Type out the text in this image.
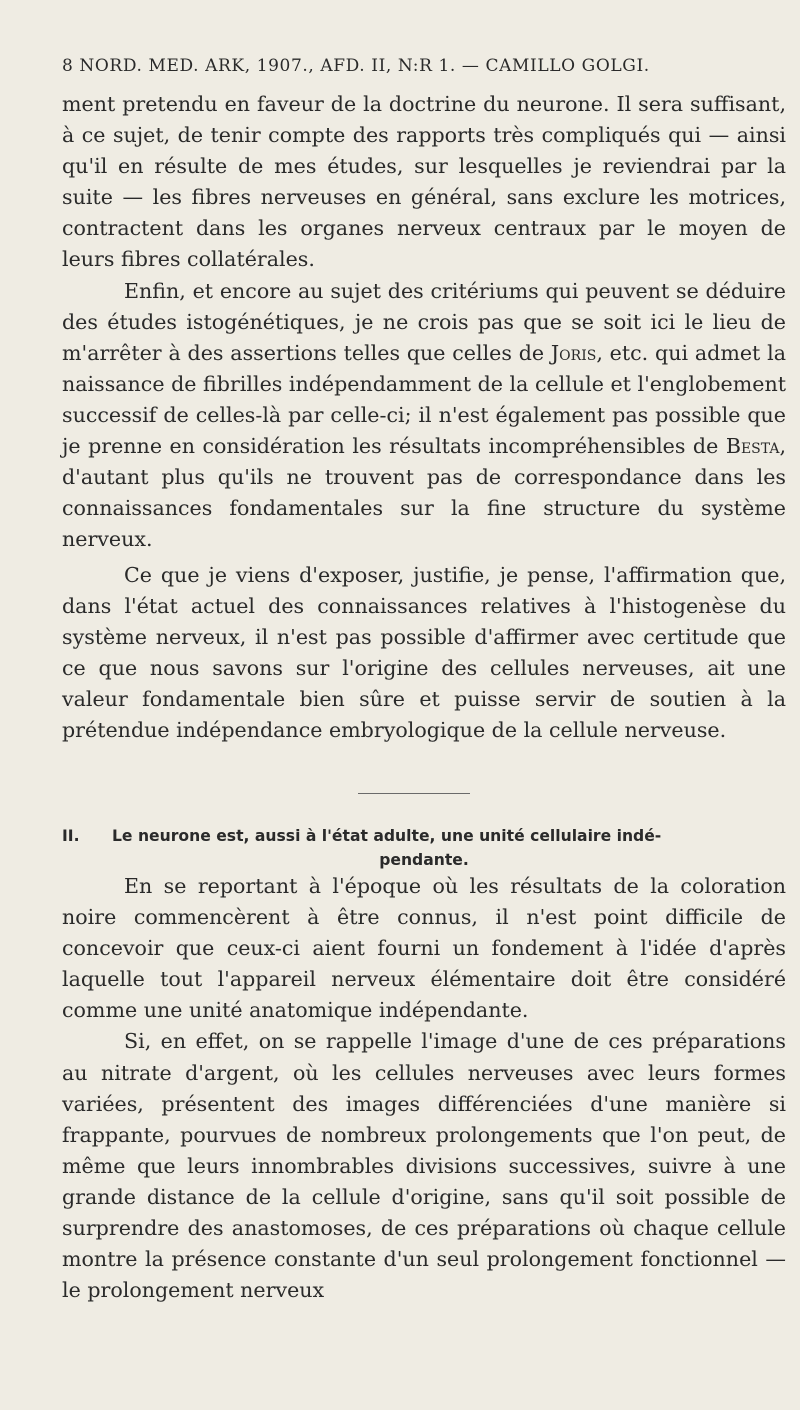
8 NORD. MED. ARK, 1907., AFD. II, N:R 1. — CAMILLO GOLGI.

ment pretendu en faveur de la doctrine du neurone. Il sera suffisant, à ce sujet, de tenir compte des rapports très compliqués qui — ainsi qu'il en résulte de mes études, sur lesquelles je reviendrai par la suite — les fibres nerveuses en général, sans exclure les motrices, contractent dans les organes nerveux centraux par le moyen de leurs fibres collatérales.

Enfin, et encore au sujet des critériums qui peuvent se déduire des études istogénétiques, je ne crois pas que se soit ici le lieu de m'arrêter à des assertions telles que celles de Joris, etc. qui admet la naissance de fibrilles indépendamment de la cellule et l'englobement successif de celles-là par celle-ci; il n'est également pas possible que je prenne en considération les résultats incompréhensibles de Besta, d'autant plus qu'ils ne trouvent pas de correspondance dans les connaissances fondamentales sur la fine structure du système nerveux.

Ce que je viens d'exposer, justifie, je pense, l'affirmation que, dans l'état actuel des connaissances relatives à l'histogenèse du système nerveux, il n'est pas possible d'affirmer avec certitude que ce que nous savons sur l'origine des cellules nerveuses, ait une valeur fondamentale bien sûre et puisse servir de soutien à la prétendue indépendance embryologique de la cellule nerveuse.

II. Le neurone est, aussi à l'état adulte, une unité cellulaire indé-
pendante.

En se reportant à l'époque où les résultats de la coloration noire commencèrent à être connus, il n'est point difficile de concevoir que ceux-ci aient fourni un fondement à l'idée d'après laquelle tout l'appareil nerveux élémentaire doit être considéré comme une unité anatomique indépendante.

Si, en effet, on se rappelle l'image d'une de ces préparations au nitrate d'argent, où les cellules nerveuses avec leurs formes variées, présentent des images différenciées d'une manière si frappante, pourvues de nombreux prolongements que l'on peut, de même que leurs innombrables divisions successives, suivre à une grande distance de la cellule d'origine, sans qu'il soit possible de surprendre des anastomoses, de ces préparations où chaque cellule montre la présence constante d'un seul prolongement fonctionnel — le prolongement nerveux
